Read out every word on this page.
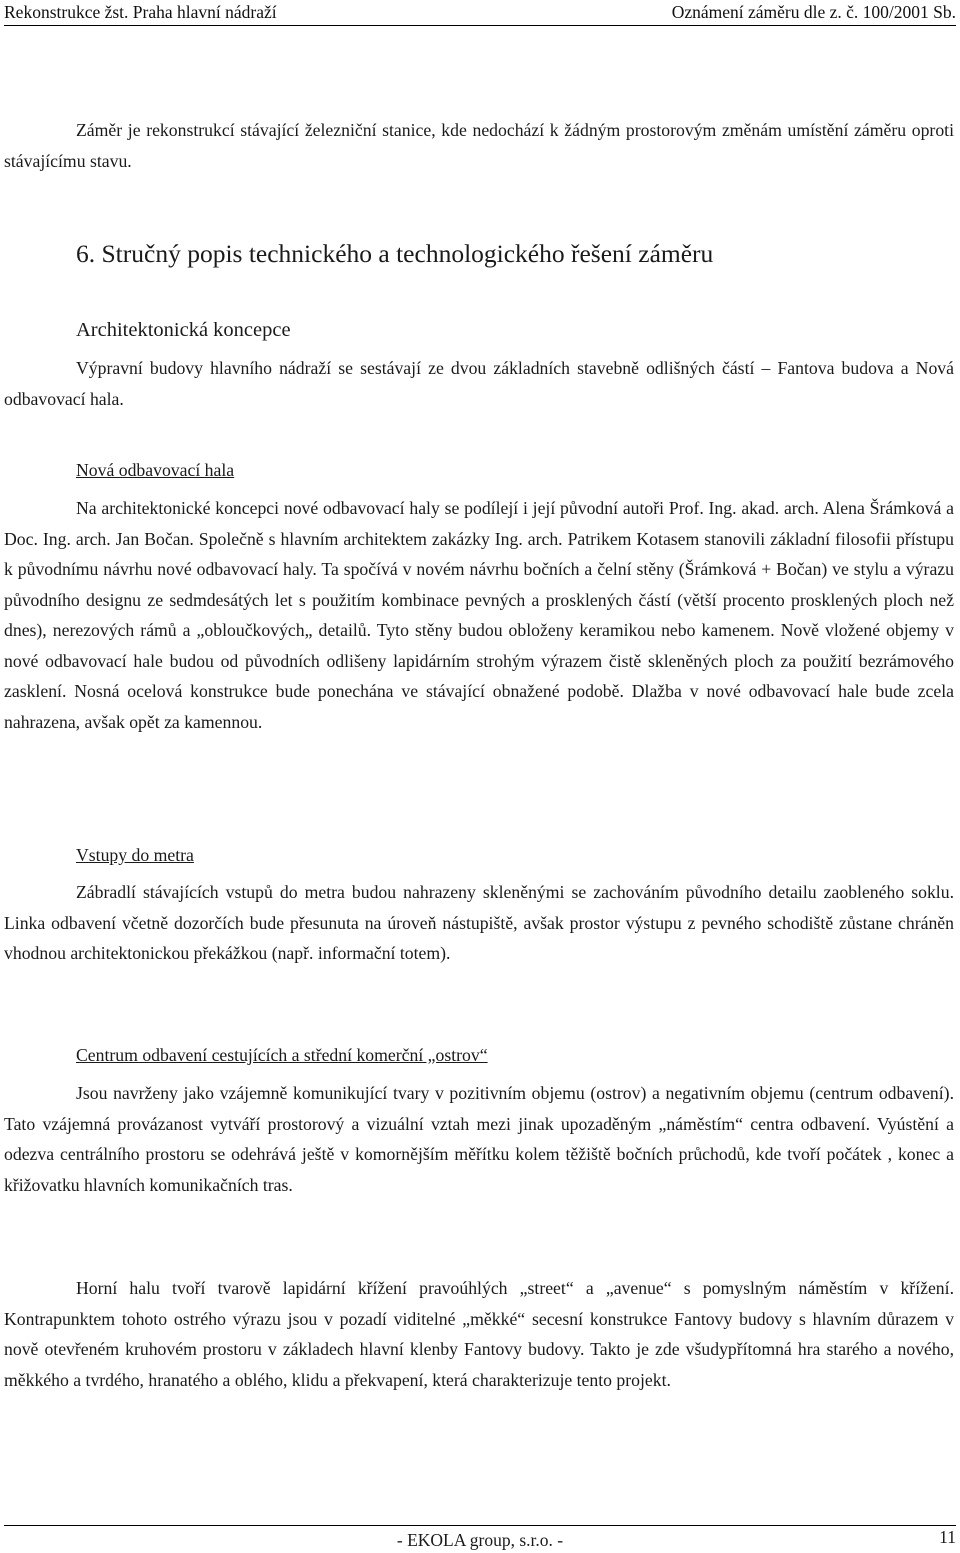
Rekonstrukce žst. Praha hlavní nádraží	Oznámení záměru dle z. č. 100/2001 Sb.

Záměr je rekonstrukcí stávající železniční stanice, kde nedochází k žádným prostorovým změnám umístění záměru oproti stávajícímu stavu.

6. Stručný popis technického a technologického řešení záměru
Architektonická koncepce

Výpravní budovy hlavního nádraží se sestávají ze dvou základních stavebně odlišných částí – Fantova budova a Nová odbavovací hala.

Nová odbavovací hala

Na architektonické koncepci nové odbavovací haly se podílejí i její původní autoři Prof. Ing. akad. arch. Alena Šrámková a Doc. Ing. arch. Jan Bočan. Společně s hlavním architektem zakázky Ing. arch. Patrikem Kotasem stanovili základní filosofii přístupu k původnímu návrhu nové odbavovací haly. Ta spočívá v novém návrhu bočních a čelní stěny (Šrámková + Bočan) ve stylu a výrazu původního designu ze sedmdesátých let s použitím kombinace pevných a prosklených částí (větší procento prosklených ploch než dnes), nerezových rámů a „obloučkových„ detailů. Tyto stěny budou obloženy keramikou nebo kamenem. Nově vložené objemy v nové odbavovací hale budou od původních odlišeny lapidárním strohým výrazem čistě skleněných ploch za použití bezrámového zasklení. Nosná ocelová konstrukce bude ponechána ve stávající obnažené podobě. Dlažba v nové odbavovací hale bude zcela nahrazena, avšak opět za kamennou.

Vstupy do metra

Zábradlí stávajících vstupů do metra budou nahrazeny skleněnými se zachováním původního detailu zaobleného soklu. Linka odbavení včetně dozorčích bude přesunuta na úroveň nástupiště, avšak prostor výstupu z pevného schodiště zůstane chráněn vhodnou architektonickou překážkou (např. informační totem).

Centrum odbavení cestujících a střední komerční „ostrov“

Jsou navrženy jako vzájemně komunikující tvary v pozitivním objemu (ostrov) a negativním objemu (centrum odbavení). Tato vzájemná provázanost vytváří prostorový a vizuální vztah mezi jinak upozaděným „náměstím“ centra odbavení. Vyústění a odezva centrálního prostoru se odehrává ještě v komornějším měřítku kolem těžiště bočních průchodů, kde tvoří počátek , konec a křižovatku hlavních komunikačních tras.

Horní halu tvoří tvarově lapidární křížení pravoúhlých „street“ a „avenue“ s pomyslným náměstím v křížení. Kontrapunktem tohoto ostrého výrazu jsou v pozadí viditelné „měkké“ secesní konstrukce Fantovy budovy s hlavním důrazem v nově otevřeném kruhovém prostoru v základech hlavní klenby Fantovy budovy. Takto je zde všudypřítomná hra starého a nového, měkkého a tvrdého, hranatého a oblého, klidu a překvapení, která charakterizuje tento projekt.

- EKOLA group, s.r.o. -	11
